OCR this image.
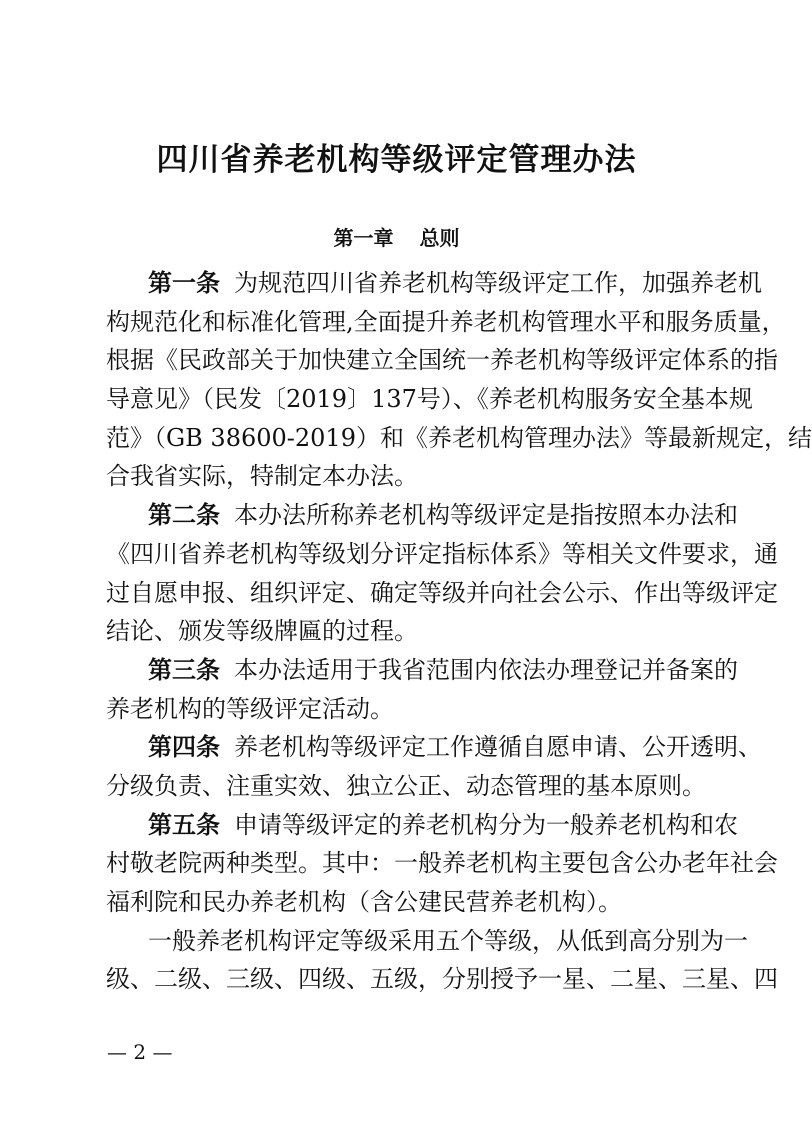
四川省养老机构等级评定管理办法
第一章 总则
第一条 为规范四川省养老机构等级评定工作，加强养老机
构规范化和标准化管理,全面提升养老机构管理水平和服务质量，
根据《民政部关于加快建立全国统一养老机构等级评定体系的指
导意见》（民发〔2019〕137号）、《养老机构服务安全基本规
范》（GB 38600-2019）和《养老机构管理办法》等最新规定，结
合我省实际，特制定本办法。
第二条 本办法所称养老机构等级评定是指按照本办法和
《四川省养老机构等级划分评定指标体系》等相关文件要求，通
过自愿申报、组织评定、确定等级并向社会公示、作出等级评定
结论、颁发等级牌匾的过程。
第三条 本办法适用于我省范围内依法办理登记并备案的
养老机构的等级评定活动。
第四条 养老机构等级评定工作遵循自愿申请、公开透明、
分级负责、注重实效、独立公正、动态管理的基本原则。
第五条 申请等级评定的养老机构分为一般养老机构和农
村敬老院两种类型。其中：一般养老机构主要包含公办老年社会
福利院和民办养老机构（含公建民营养老机构）。
一般养老机构评定等级采用五个等级，从低到高分别为一
级、二级、三级、四级、五级，分别授予一星、二星、三星、四
— 2 —
